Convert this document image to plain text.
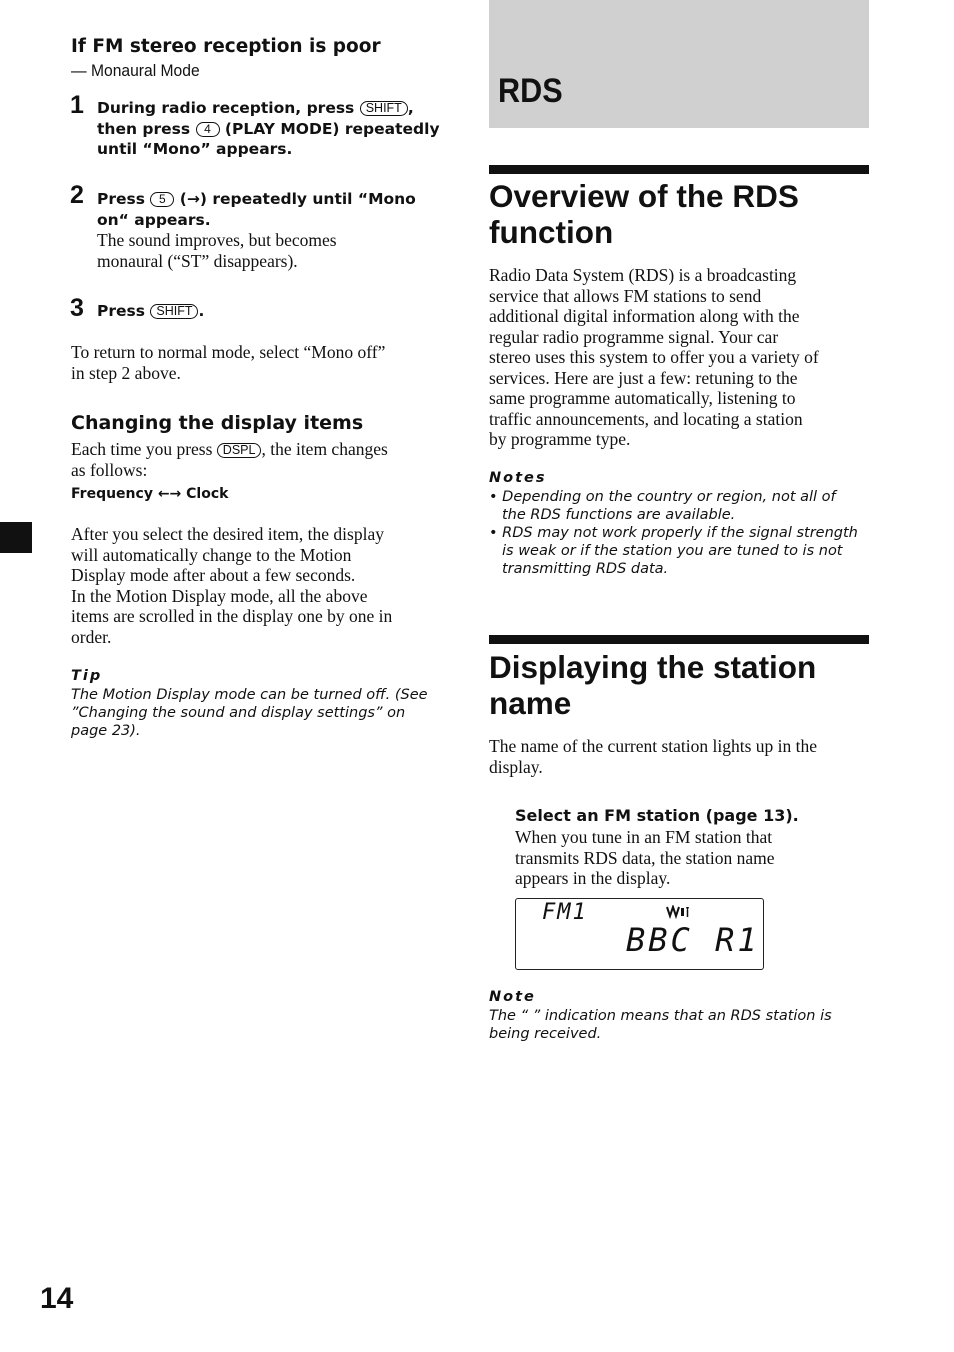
If FM stereo reception is poor
— Monaural Mode
1 During radio reception, press SHIFT ,
then press 4 (PLAY MODE) repeatedly
until “Mono” appears.
2 Press 5 (→) repeatedly until “Mono
on“ appears.
The sound improves, but becomes
monaural (“ST” disappears).
3 Press SHIFT .
To return to normal mode, select “Mono off”
in step 2 above.
Changing the display items
Each time you press DSPL , the item changes
as follows:
Frequency ←→ Clock
After you select the desired item, the display
will automatically change to the Motion
Display mode after about a few seconds.
In the Motion Display mode, all the above
items are scrolled in the display one by one in
order.
Tip
The Motion Display mode can be turned off. (See
”Changing the sound and display settings” on
page 23).
14
RDS
Overview of the RDS
function
Radio Data System (RDS) is a broadcasting
service that allows FM stations to send
additional digital information along with the
regular radio programme signal. Your car
stereo uses this system to offer you a variety of
services. Here are just a few: retuning to the
same programme automatically, listening to
traffic announcements, and locating a station
by programme type.
Notes
• Depending on the country or region, not all of
the RDS functions are available.
• RDS may not work properly if the signal strength
is weak or if the station you are tuned to is not
transmitting RDS data.
Displaying the station
name
The name of the current station lights up in the
display.
Select an FM station (page 13).
When you tune in an FM station that
transmits RDS data, the station name
appears in the display.
FM1
BBC R1
Note
The “ ” indication means that an RDS station is
being received.
